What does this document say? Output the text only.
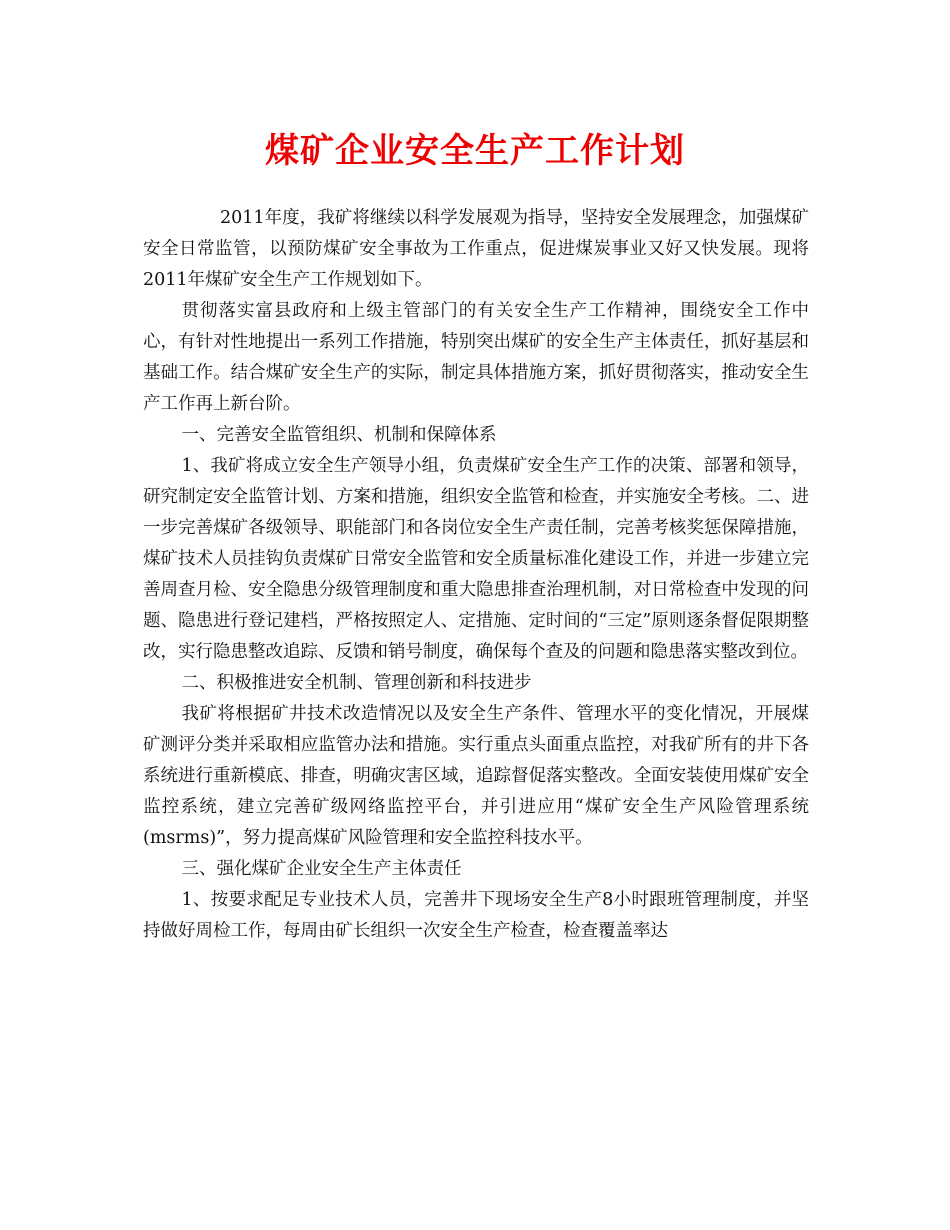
煤矿企业安全生产工作计划

2011年度，我矿将继续以科学发展观为指导，坚持安全发展理念，加强煤矿安全日常监管，以预防煤矿安全事故为工作重点，促进煤炭事业又好又快发展。现将2011年煤矿安全生产工作规划如下。

贯彻落实富县政府和上级主管部门的有关安全生产工作精神，围绕安全工作中心，有针对性地提出一系列工作措施，特别突出煤矿的安全生产主体责任，抓好基层和基础工作。结合煤矿安全生产的实际，制定具体措施方案，抓好贯彻落实，推动安全生产工作再上新台阶。

一、完善安全监管组织、机制和保障体系

1、我矿将成立安全生产领导小组，负责煤矿安全生产工作的决策、部署和领导，研究制定安全监管计划、方案和措施，组织安全监管和检查，并实施安全考核。二、进一步完善煤矿各级领导、职能部门和各岗位安全生产责任制，完善考核奖惩保障措施，煤矿技术人员挂钩负责煤矿日常安全监管和安全质量标准化建设工作，并进一步建立完善周查月检、安全隐患分级管理制度和重大隐患排查治理机制，对日常检查中发现的问题、隐患进行登记建档，严格按照定人、定措施、定时间的“三定”原则逐条督促限期整改，实行隐患整改追踪、反馈和销号制度，确保每个查及的问题和隐患落实整改到位。

二、积极推进安全机制、管理创新和科技进步

我矿将根据矿井技术改造情况以及安全生产条件、管理水平的变化情况，开展煤矿测评分类并采取相应监管办法和措施。实行重点头面重点监控，对我矿所有的井下各系统进行重新模底、排查，明确灾害区域，追踪督促落实整改。全面安装使用煤矿安全监控系统，建立完善矿级网络监控平台，并引进应用“煤矿安全生产风险管理系统(msrms)”，努力提高煤矿风险管理和安全监控科技水平。

三、强化煤矿企业安全生产主体责任

1、按要求配足专业技术人员，完善井下现场安全生产8小时跟班管理制度，并坚持做好周检工作，每周由矿长组织一次安全生产检查，检查覆盖率达
